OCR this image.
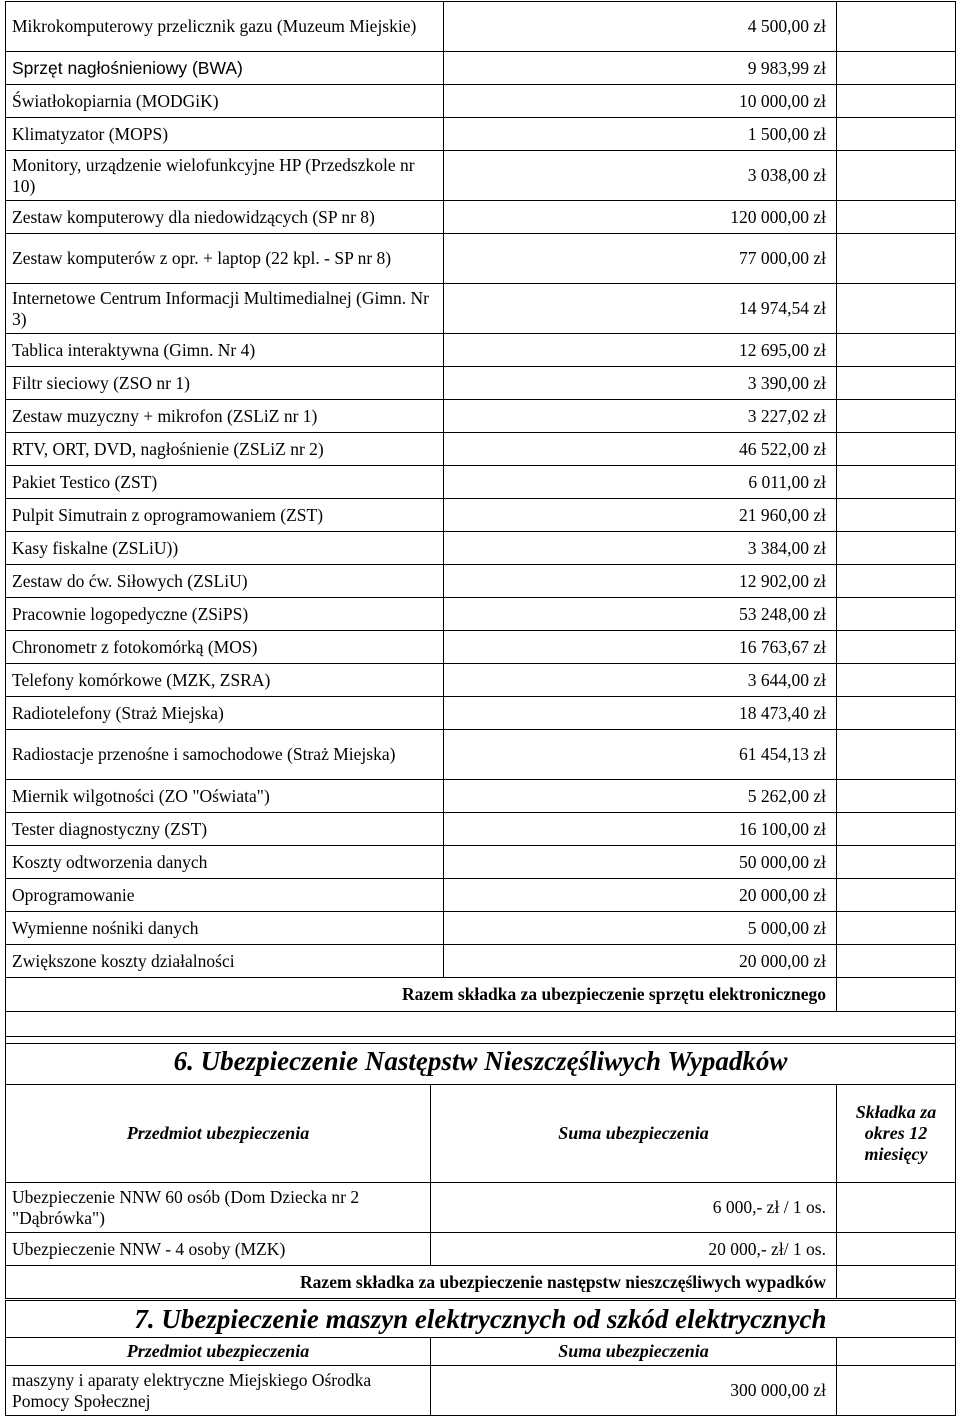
Mikrokomputerowy przelicznik gazu (Muzeum Miejskie)	4 500,00 zł	
Sprzęt nagłośnieniowy (BWA)	9 983,99 zł	
Światłokopiarnia (MODGiK)	10 000,00 zł	
Klimatyzator (MOPS)	1 500,00 zł	
Monitory, urządzenie wielofunkcyjne HP (Przedszkole nr 10)	3 038,00 zł	
Zestaw komputerowy dla niedowidzących (SP nr 8)	120 000,00 zł	
Zestaw komputerów z opr. + laptop (22 kpl. - SP nr 8)	77 000,00 zł	
Internetowe Centrum Informacji Multimedialnej (Gimn. Nr 3)	14 974,54 zł	
Tablica interaktywna (Gimn. Nr 4)	12 695,00 zł	
Filtr sieciowy (ZSO nr 1)	3 390,00 zł	
Zestaw muzyczny + mikrofon (ZSLiZ nr 1)	3 227,02 zł	
RTV, ORT, DVD, nagłośnienie (ZSLiZ nr 2)	46 522,00 zł	
Pakiet Testico (ZST)	6 011,00 zł	
Pulpit Simutrain z oprogramowaniem (ZST)	21 960,00 zł	
Kasy fiskalne (ZSLiU))	3 384,00 zł	
Zestaw do ćw. Siłowych (ZSLiU)	12 902,00 zł	
Pracownie logopedyczne (ZSiPS)	53 248,00 zł	
Chronometr z fotokomórką (MOS)	16 763,67 zł	
Telefony komórkowe (MZK, ZSRA)	3 644,00 zł	
Radiotelefony (Straż Miejska)	18 473,40 zł	
Radiostacje przenośne i samochodowe (Straż Miejska)	61 454,13 zł	
Miernik wilgotności (ZO "Oświata")	5 262,00 zł	
Tester diagnostyczny (ZST)	16 100,00 zł	
Koszty odtworzenia danych	50 000,00 zł	
Oprogramowanie	20 000,00 zł	
Wymienne nośniki danych	5 000,00 zł	
Zwiększone koszty działalności	20 000,00 zł	
Razem składka za ubezpieczenie sprzętu elektronicznego		

6. Ubezpieczenie Następstw Nieszczęśliwych Wypadków		
Przedmiot ubezpieczenia	Suma ubezpieczenia	Składka za okres 12 miesięcy
Ubezpieczenie NNW 60 osób (Dom Dziecka nr 2 "Dąbrówka")	6 000,- zł / 1 os.	
Ubezpieczenie NNW - 4 osoby (MZK)	20 000,- zł/ 1 os.	
Razem składka za ubezpieczenie następstw nieszczęśliwych wypadków		
7. Ubezpieczenie maszyn elektrycznych od szkód elektrycznych		
Przedmiot ubezpieczenia	Suma ubezpieczenia	
maszyny i aparaty elektryczne Miejskiego Ośrodka Pomocy Społecznej	300 000,00 zł	
